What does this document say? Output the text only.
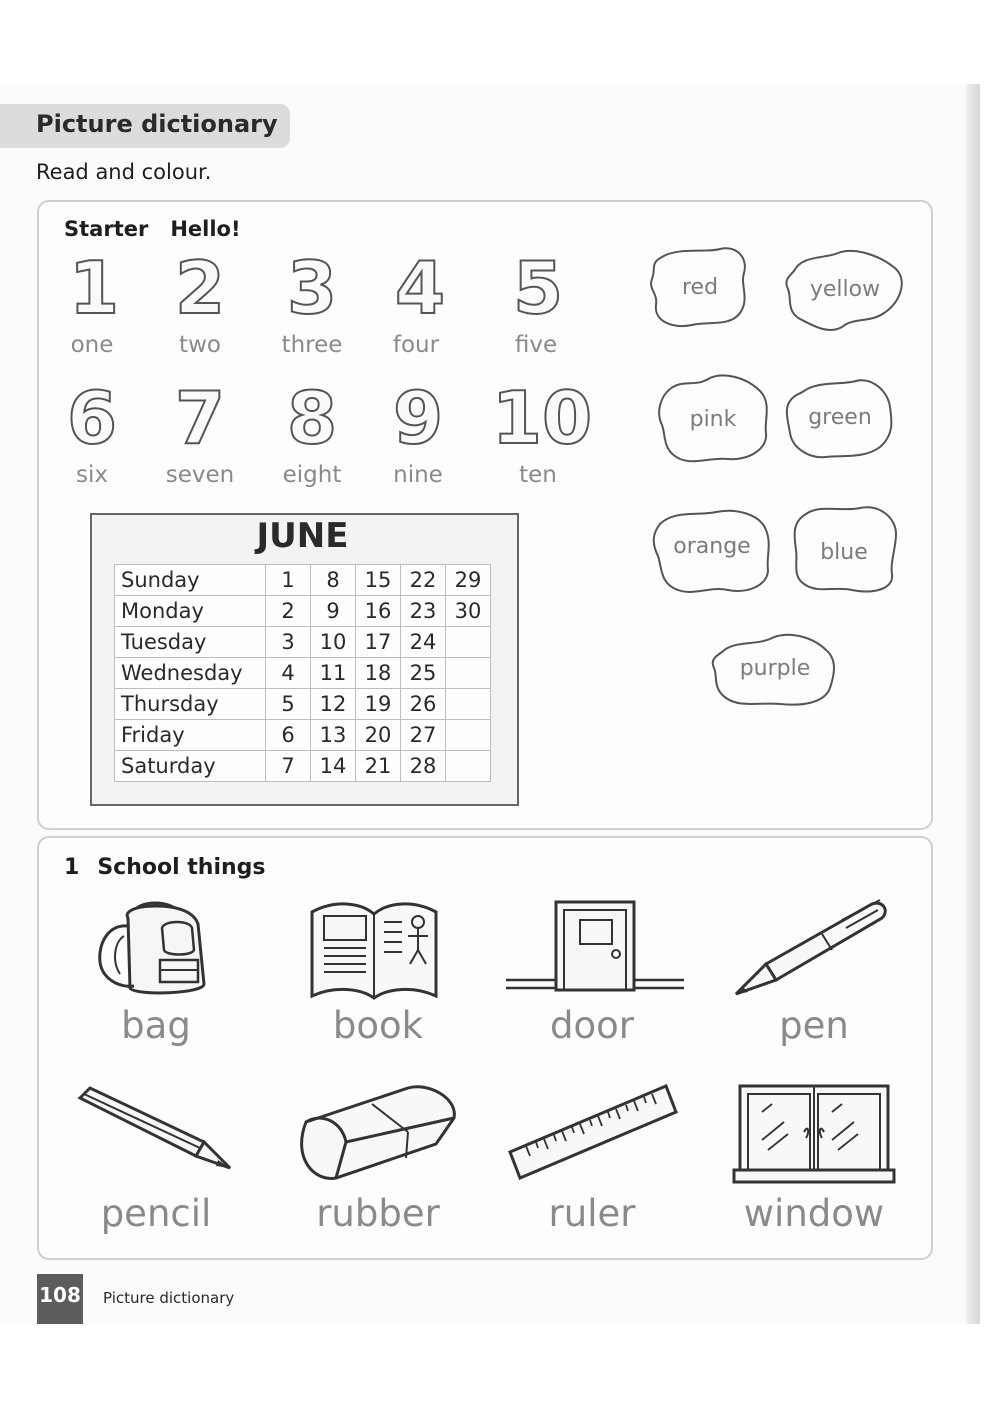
Picture dictionary
Read and colour.
Starter Hello!
1 2 3 4 5
one	two	three	four	five
6 7 8 9 10
six	seven	eight	nine	ten
red	yellow
pink	green
orange	blue
purple
JUNE
Sunday	1	8	15	22	29
Monday	2	9	16	23	30
Tuesday	3	10	17	24	
Wednesday	4	11	18	25	
Thursday	5	12	19	26	
Friday	6	13	20	27	
Saturday	7	14	21	28	
1 School things
bag	book	door	pen
pencil	rubber	ruler	window
108 Picture dictionary
